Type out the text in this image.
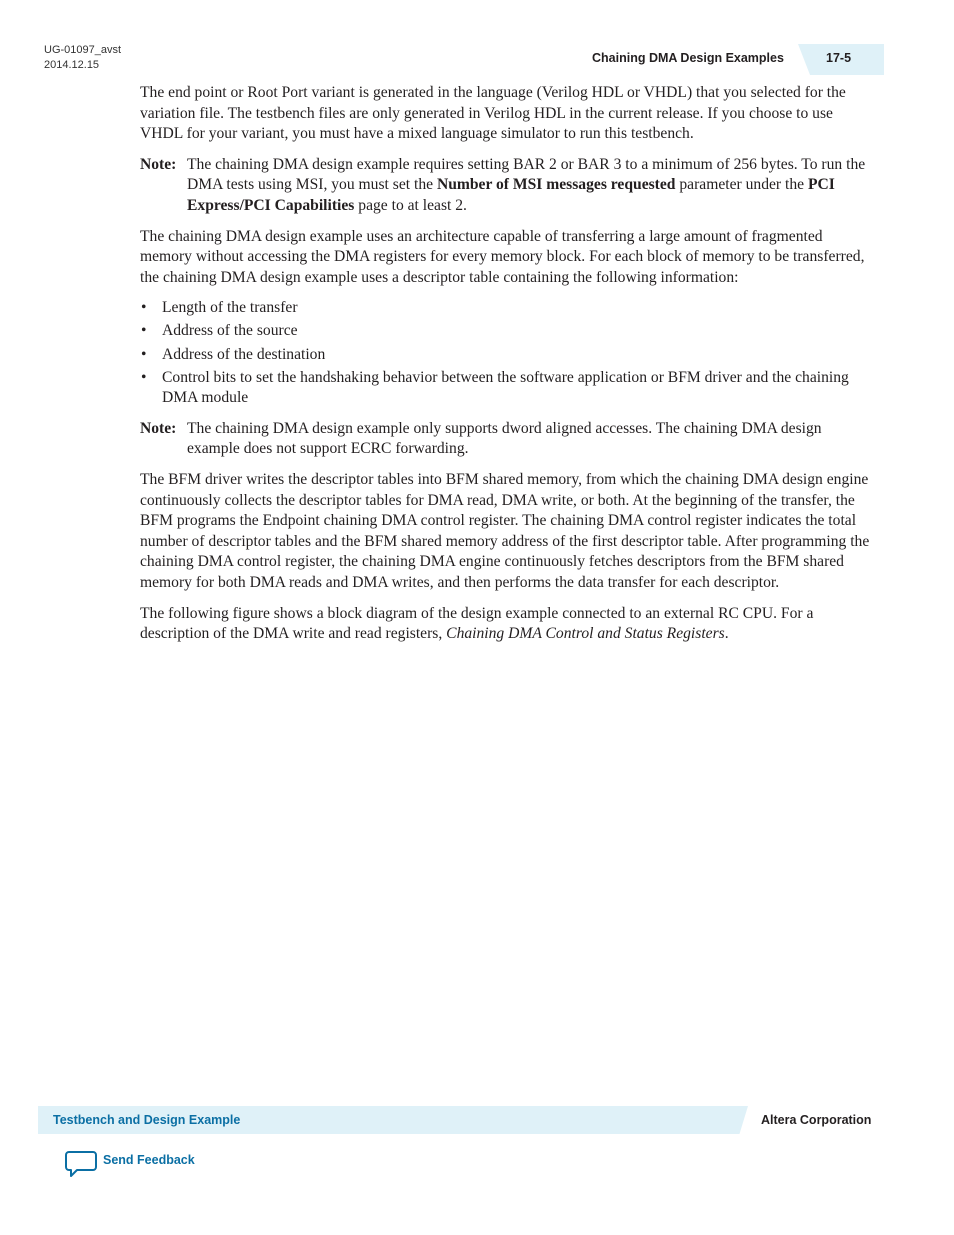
UG-01097_avst
2014.12.15	Chaining DMA Design Examples	17-5

The end point or Root Port variant is generated in the language (Verilog HDL or VHDL) that you selected for the variation file. The testbench files are only generated in Verilog HDL in the current release. If you choose to use VHDL for your variant, you must have a mixed language simulator to run this testbench.

Note: The chaining DMA design example requires setting BAR 2 or BAR 3 to a minimum of 256 bytes. To run the DMA tests using MSI, you must set the Number of MSI messages requested parameter under the PCI Express/PCI Capabilities page to at least 2.

The chaining DMA design example uses an architecture capable of transferring a large amount of fragmented memory without accessing the DMA registers for every memory block. For each block of memory to be transferred, the chaining DMA design example uses a descriptor table containing the following information:

• Length of the transfer
• Address of the source
• Address of the destination
• Control bits to set the handshaking behavior between the software application or BFM driver and the chaining DMA module
Note: The chaining DMA design example only supports dword aligned accesses. The chaining DMA design example does not support ECRC forwarding.

The BFM driver writes the descriptor tables into BFM shared memory, from which the chaining DMA design engine continuously collects the descriptor tables for DMA read, DMA write, or both. At the beginning of the transfer, the BFM programs the Endpoint chaining DMA control register. The chaining DMA control register indicates the total number of descriptor tables and the BFM shared memory address of the first descriptor table. After programming the chaining DMA control register, the chaining DMA engine continuously fetches descriptors from the BFM shared memory for both DMA reads and DMA writes, and then performs the data transfer for each descriptor.

The following figure shows a block diagram of the design example connected to an external RC CPU. For a description of the DMA write and read registers, Chaining DMA Control and Status Registers.

Testbench and Design Example	Altera Corporation
Send Feedback
